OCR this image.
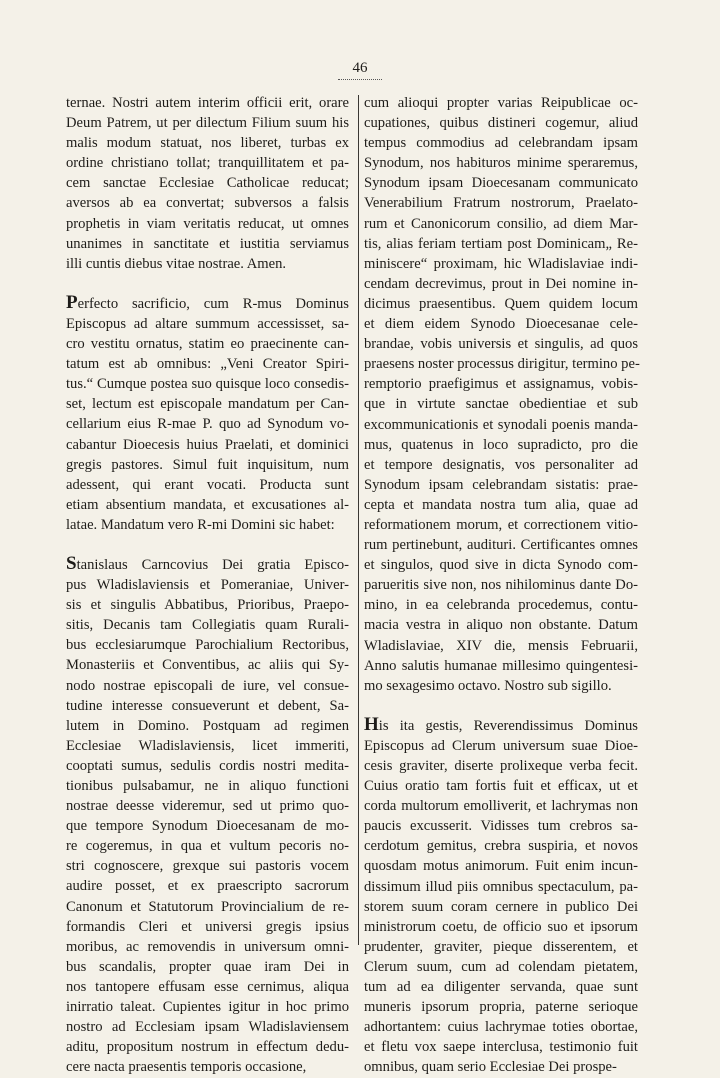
46
ternae. Nostri autem interim officii erit, orare
Deum Patrem, ut per dilectum Filium suum his
malis modum statuat, nos liberet, turbas ex
ordine christiano tollat; tranquillitatem et pa-
cem sanctae Ecclesiae Catholicae reducat;
aversos ab ea convertat; subversos a falsis
prophetis in viam veritatis reducat, ut omnes
unanimes in sanctitate et iustitia serviamus
illi cuntis diebus vitae nostrae. Amen.
Perfecto sacrificio, cum R-mus Dominus
Episcopus ad altare summum accessisset, sa-
cro vestitu ornatus, statim eo praecinente can-
tatum est ab omnibus: „Veni Creator Spiri-
tus.“ Cumque postea suo quisque loco consedis-
set, lectum est episcopale mandatum per Can-
cellarium eius R-mae P. quo ad Synodum vo-
cabantur Dioecesis huius Praelati, et dominici
gregis pastores. Simul fuit inquisitum, num
adessent, qui erant vocati. Producta sunt
etiam absentium mandata, et excusationes al-
latae. Mandatum vero R-mi Domini sic habet:
Stanislaus Carncovius Dei gratia Episco-
pus Wladislaviensis et Pomeraniae, Univer-
sis et singulis Abbatibus, Prioribus, Praepo-
sitis, Decanis tam Collegiatis quam Rurali-
bus ecclesiarumque Parochialium Rectoribus,
Monasteriis et Conventibus, ac aliis qui Sy-
nodo nostrae episcopali de iure, vel consue-
tudine interesse consueverunt et debent, Sa-
lutem in Domino. Postquam ad regimen
Ecclesiae Wladislaviensis, licet immeriti,
cooptati sumus, sedulis cordis nostri medita-
tionibus pulsabamur, ne in aliquo functioni
nostrae deesse videremur, sed ut primo quo-
que tempore Synodum Dioecesanam de mo-
re cogeremus, in qua et vultum pecoris no-
stri cognoscere, grexque sui pastoris vocem
audire posset, et ex praescripto sacrorum
Canonum et Statutorum Provincialium de re-
formandis Cleri et universi gregis ipsius
moribus, ac removendis in universum omni-
bus scandalis, propter quae iram Dei in
nos tantopere effusam esse cernimus, aliqua
inirratio taleat. Cupientes igitur in hoc primo
nostro ad Ecclesiam ipsam Wladislaviensem
aditu, propositum nostrum in effectum dedu-
cere nacta praesentis temporis occasione,
cum alioqui propter varias Reipublicae oc-
cupationes, quibus distineri cogemur, aliud
tempus commodius ad celebrandam ipsam
Synodum, nos habituros minime speraremus,
Synodum ipsam Dioecesanam communicato
Venerabilium Fratrum nostrorum, Praelato-
rum et Canonicorum consilio, ad diem Mar-
tis, alias feriam tertiam post Dominicam„ Re-
miniscere“ proximam, hic Wladislaviae indi-
cendam decrevimus, prout in Dei nomine in-
dicimus praesentibus. Quem quidem locum
et diem eidem Synodo Dioecesanae cele-
brandae, vobis universis et singulis, ad quos
praesens noster processus dirigitur, termino pe-
remptorio praefigimus et assignamus, vobis-
que in virtute sanctae obedientiae et sub
excommunicationis et synodali poenis manda-
mus, quatenus in loco supradicto, pro die
et tempore designatis, vos personaliter ad
Synodum ipsam celebrandam sistatis: prae-
cepta et mandata nostra tum alia, quae ad
reformationem morum, et correctionem vitio-
rum pertinebunt, audituri. Certificantes omnes
et singulos, quod sive in dicta Synodo com-
parueritis sive non, nos nihilominus dante Do-
mino, in ea celebranda procedemus, contu-
macia vestra in aliquo non obstante. Datum
Wladislaviae, XIV die, mensis Februarii,
Anno salutis humanae millesimo quingentesi-
mo sexagesimo octavo. Nostro sub sigillo.
His ita gestis, Reverendissimus Dominus
Episcopus ad Clerum universum suae Dioe-
cesis graviter, diserte prolixeque verba fecit.
Cuius oratio tam fortis fuit et efficax, ut et
corda multorum emolliverit, et lachrymas non
paucis excusserit. Vidisses tum crebros sa-
cerdotum gemitus, crebra suspiria, et novos
quosdam motus animorum. Fuit enim incun-
dissimum illud piis omnibus spectaculum, pa-
storem suum coram cernere in publico Dei
ministrorum coetu, de officio suo et ipsorum
prudenter, graviter, pieque disserentem, et
Clerum suum, cum ad colendam pietatem,
tum ad ea diligenter servanda, quae sunt
muneris ipsorum propria, paterne serioque
adhortantem: cuius lachrymae toties obortae,
et fletu vox saepe interclusa, testimonio fuit
omnibus, quam serio Ecclesiae Dei prospe-
